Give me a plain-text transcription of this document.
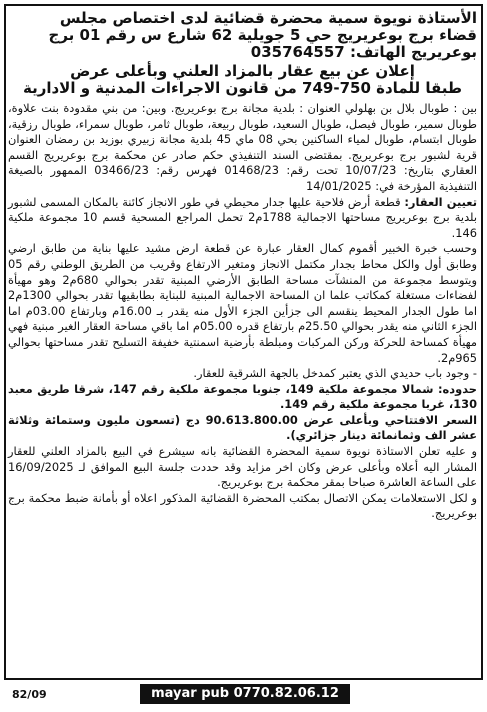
الأستاذة نويوة سمية محضرة قضائية لدى اختصاص مجلس

قضاء برج بوعريريج حي 5 جويلية 62 شارع س رقم 01 برج

بوعريريج الهاتف: 035764557

إعلان عن بيع عقار بالمزاد العلني وبأعلى عرض
طبقا للمادة 750-749 من قانون الاجراءات المدنية و الادارية

بين : طوبال بلال بن بهلولي العنوان : بلدية مجانة برج بوعريريج. وبين: من بني مقدودة بنت علاوة، طوبال سمير، طوبال فيصل، طوبال السعيد، طوبال ربيعة، طوبال ثامر، طوبال سمراء، طوبال رزقية، طوبال ابتسام، طوبال لمياء الساكنين بحي 08 ماي 45 بلدية مجانة زبيري بوزيد بن رمضان العنوان قرية لشبور برج بوعريريج. بمقتضى السند التنفيذي حكم صادر عن محكمة برج بوعريريج القسم العقاري بتاريخ: 10/07/23 تحت رقم: 01468/23 فهرس رقم: 03466/23 الممهور بالصيغة التنفيذية المؤرخة في: 14/01/2025

تعيين العقار: قطعة أرض فلاحية عليها جدار محيطي في طور الانجاز كائنة بالمكان المسمى لشبور بلدية برج بوعريريج مساحتها الاجمالية 1788م2 تحمل المراجع المسحية قسم 10 مجموعة ملكية 146.

وحسب خبرة الخبير أقموم كمال العقار عبارة عن قطعة ارض مشيد عليها بناية من طابق ارضي وطابق أول والكل محاط بجدار مكتمل الانجاز ومتغير الارتفاع وقريب من الطريق الوطني رقم 05 ويتوسط مجموعة من المنشآت مساحة الطابق الأرضي المبنية تقدر بحوالي 680م2 وهو مهيأة لفضاءات مستغلة كمكاتب علما ان المساحة الاجمالية المبنية للبناية بطابقيها تقدر بحوالي 1300م2 اما طول الجدار المحيط ينقسم الى جزأين الجزء الأول منه يقدر بـ 16.00م وبارتفاع 03.00م اما الجزء الثاني منه يقدر بحوالي 25.50م بارتفاع قدره 05.00م اما باقي مساحة العقار الغير مبنية فهي مهيأة كمساحة للحركة وركن المركبات ومبلطة بأرضية اسمنتية خفيفة التسليح تقدر مساحتها بحوالي 965م2.

- وجود باب حديدي الذي يعتبر كمدخل بالجهة الشرقية للعقار.

حدوده: شمالا مجموعة ملكية 149، جنوبا مجموعة ملكية رقم 147، شرقا طريق معبد 130، غربا مجموعة ملكية رقم 149.

السعر الافتتاحي وبأعلى عرض 90.613.800.00 دج (تسعون مليون وستمائة وثلاثة عشر الف وثمانمائة دينار جزائري).

و عليه تعلن الاستاذة نويوة سمية المحضرة القضائية بانه سيشرع في البيع بالمزاد العلني للعقار المشار اليه أعلاه وبأعلى عرض وكان اخر مزايد وقد حددت جلسة البيع الموافق لـ 16/09/2025 على الساعة العاشرة صباحا بمقر محكمة برج بوعريريج.

و لكل الاستعلامات يمكن الاتصال بمكتب المحضرة القضائية المذكور اعلاه أو بأمانة ضبط محكمة برج بوعريريج.

82/09	mayar pub 0770.82.06.12
